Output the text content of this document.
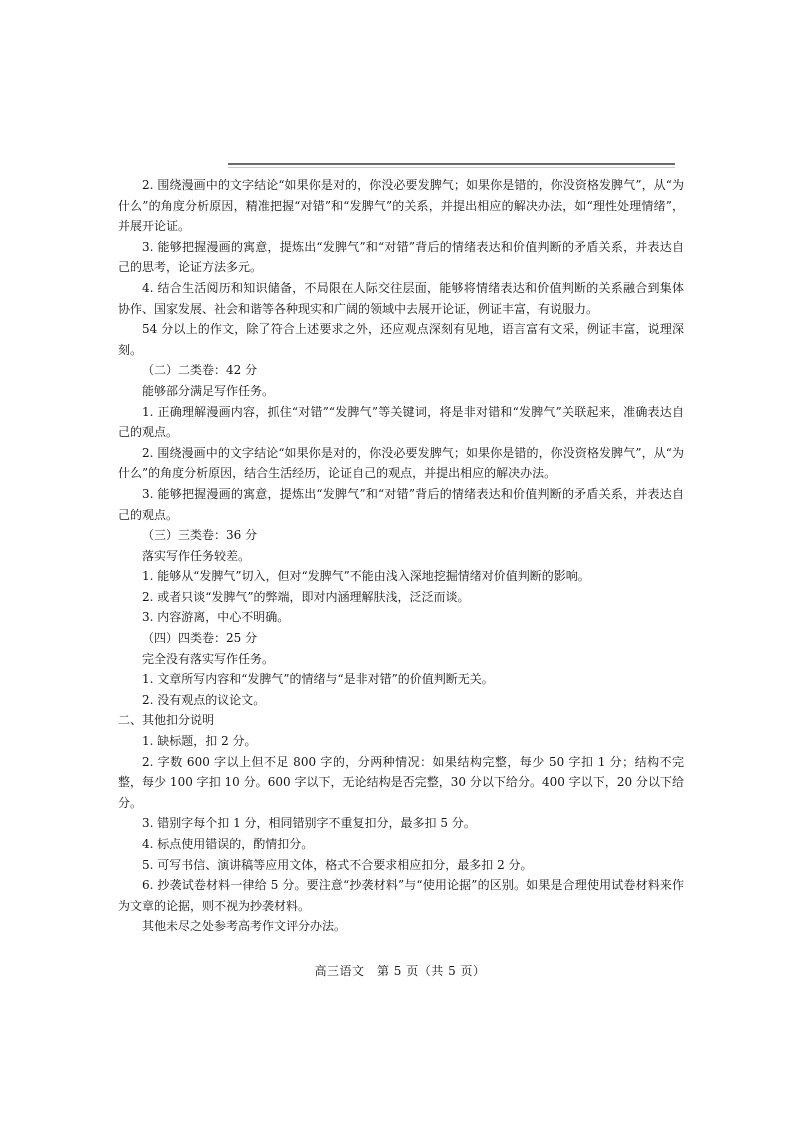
2. 围绕漫画中的文字结论“如果你是对的，你没必要发脾气；如果你是错的，你没资格发脾气”，从“为什么”的角度分析原因，精准把握“对错”和“发脾气”的关系，并提出相应的解决办法，如“理性处理情绪”，并展开论证。

3. 能够把握漫画的寓意，提炼出“发脾气”和“对错”背后的情绪表达和价值判断的矛盾关系，并表达自己的思考，论证方法多元。

4. 结合生活阅历和知识储备，不局限在人际交往层面，能够将情绪表达和价值判断的关系融合到集体协作、国家发展、社会和谐等各种现实和广阔的领域中去展开论证，例证丰富，有说服力。

54 分以上的作文，除了符合上述要求之外，还应观点深刻有见地，语言富有文采，例证丰富，说理深刻。

（二）二类卷：42 分

能够部分满足写作任务。

1. 正确理解漫画内容，抓住“对错”“发脾气”等关键词，将是非对错和“发脾气”关联起来，准确表达自己的观点。

2. 围绕漫画中的文字结论“如果你是对的，你没必要发脾气；如果你是错的，你没资格发脾气”，从“为什么”的角度分析原因，结合生活经历，论证自己的观点，并提出相应的解决办法。

3. 能够把握漫画的寓意，提炼出“发脾气”和“对错”背后的情绪表达和价值判断的矛盾关系，并表达自己的观点。

（三）三类卷：36 分

落实写作任务较差。

1. 能够从“发脾气”切入，但对“发脾气”不能由浅入深地挖掘情绪对价值判断的影响。

2. 或者只谈“发脾气”的弊端，即对内涵理解肤浅，泛泛而谈。

3. 内容游离，中心不明确。

（四）四类卷：25 分

完全没有落实写作任务。

1. 文章所写内容和“发脾气”的情绪与“是非对错”的价值判断无关。

2. 没有观点的议论文。

二、其他扣分说明

1. 缺标题，扣 2 分。

2. 字数 600 字以上但不足 800 字的，分两种情况：如果结构完整，每少 50 字扣 1 分；结构不完整，每少 100 字扣 10 分。600 字以下，无论结构是否完整，30 分以下给分。400 字以下，20 分以下给分。

3. 错别字每个扣 1 分，相同错别字不重复扣分，最多扣 5 分。

4. 标点使用错误的，酌情扣分。

5. 可写书信、演讲稿等应用文体，格式不合要求相应扣分，最多扣 2 分。

6. 抄袭试卷材料一律给 5 分。要注意“抄袭材料”与“使用论据”的区别。如果是合理使用试卷材料来作为文章的论据，则不视为抄袭材料。

其他未尽之处参考高考作文评分办法。

高三语文　第 5 页（共 5 页）
